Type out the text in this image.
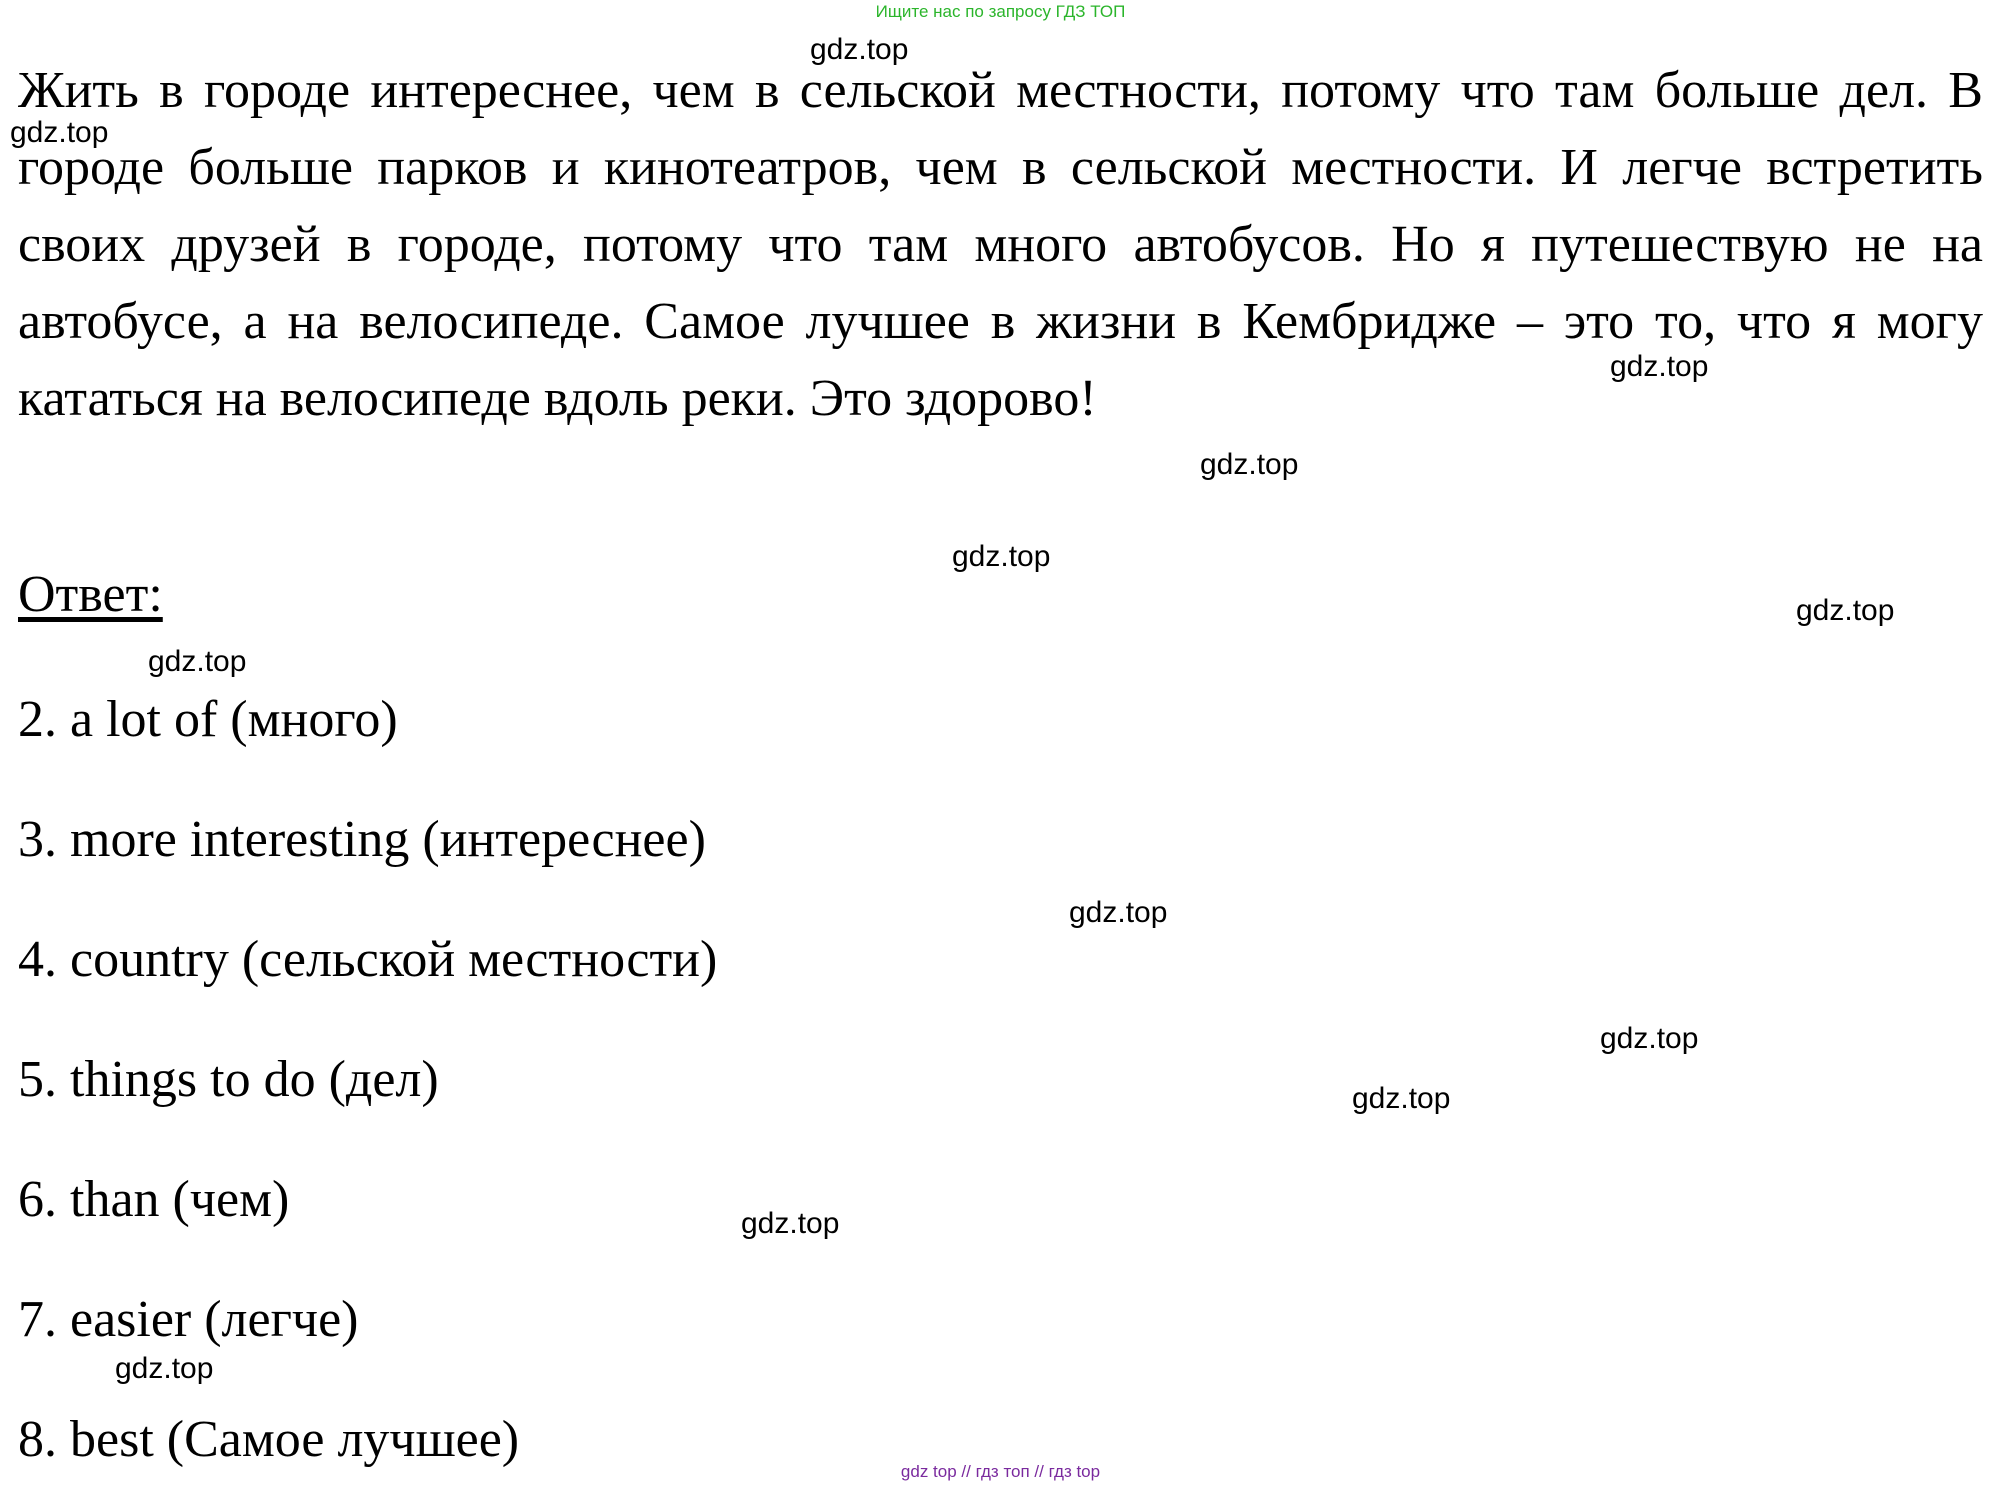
Ищите нас по запросу ГДЗ ТОП
Жить в городе интереснее, чем в сельской местности, потому что там больше дел. В городе больше парков и кинотеатров, чем в сельской местности. И легче встретить своих друзей в городе, потому что там много автобусов. Но я путешествую не на автобусе, а на велосипеде. Самое лучшее в жизни в Кембридже – это то, что я могу кататься на велосипеде вдоль реки. Это здорово!
Ответ:
2. a lot of (много)
3. more interesting (интереснее)
4. country (сельской местности)
5. things to do (дел)
6. than (чем)
7. easier (легче)
8. best (Самое лучшее)
gdz.top
gdz.top
gdz.top
gdz.top
gdz.top
gdz.top
gdz.top
gdz.top
gdz.top
gdz.top
gdz.top
gdz.top
gdz top // гдз топ // гдз top
